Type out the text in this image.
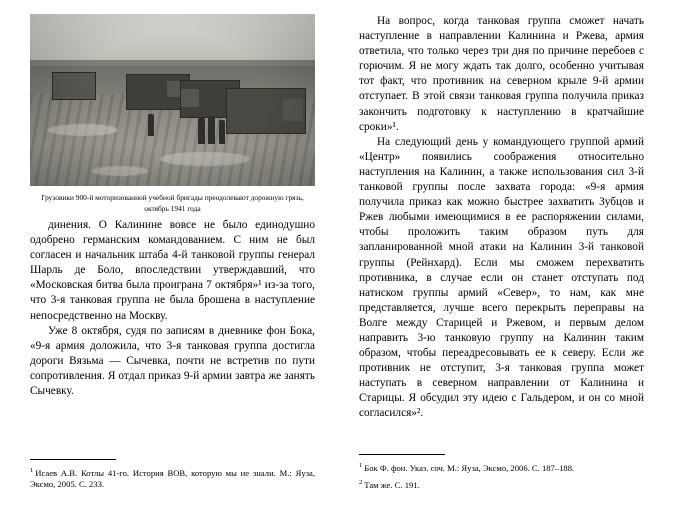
Грузовики 900-й моторизованной учебной бригады преодолевают дорожную грязь, октябрь 1941 года

динения. О Калинине вовсе не было единодушно одобрено германским командованием. С ним не был согласен и начальник штаба 4-й танковой группы генерал Шарль де Боло, впоследствии утверждавший, что «Московская битва была проиграна 7 октября»¹ из-за того, что 3-я танковая группа не была брошена в наступление непосредственно на Москву.

Уже 8 октября, судя по записям в дневнике фон Бока, «9-я армия доложила, что 3-я танковая группа достигла дороги Вязьма — Сычевка, почти не встретив по пути сопротивления. Я отдал приказ 9-й армии завтра же занять Сычевку.

$^1$ Исаев А.В. Котлы 41-го. История ВОВ, которую мы не знали. М.: Яуза, Эксмо, 2005. С. 233.

На вопрос, когда танковая группа сможет начать наступление в направлении Калинина и Ржева, армия ответила, что только через три дня по причине перебоев с горючим. Я не могу ждать так долго, особенно учитывая тот факт, что противник на северном крыле 9-й армии отступает. В этой связи танковая группа получила приказ закончить подготовку к наступлению в кратчайшие сроки»¹.

На следующий день у командующего группой армий «Центр» появились соображения относительно наступления на Калинин, а также использования сил 3-й танковой группы после захвата города: «9-я армия получила приказ как можно быстрее захватить Зубцов и Ржев любыми имеющимися в ее распоряжении силами, чтобы проложить таким образом путь для запланированной мной атаки на Калинин 3-й танковой группы (Рейнхард). Если мы сможем перехватить противника, в случае если он станет отступать под натиском группы армий «Север», то нам, как мне представляется, лучше всего перекрыть переправы на Волге между Старицей и Ржевом, и первым делом направить 3-ю танковую группу на Калинин таким образом, чтобы переадресовывать ее к северу. Если же противник не отступит, 3-я танковая группа может наступать в северном направлении от Калинина и Старицы. Я обсудил эту идею с Гальдером, и он со мной согласился»².

$^1$ Бок Ф. фон. Указ. соч. М.: Яуза, Эксмо, 2006. С. 187–188.

$^2$ Там же. С. 191.
